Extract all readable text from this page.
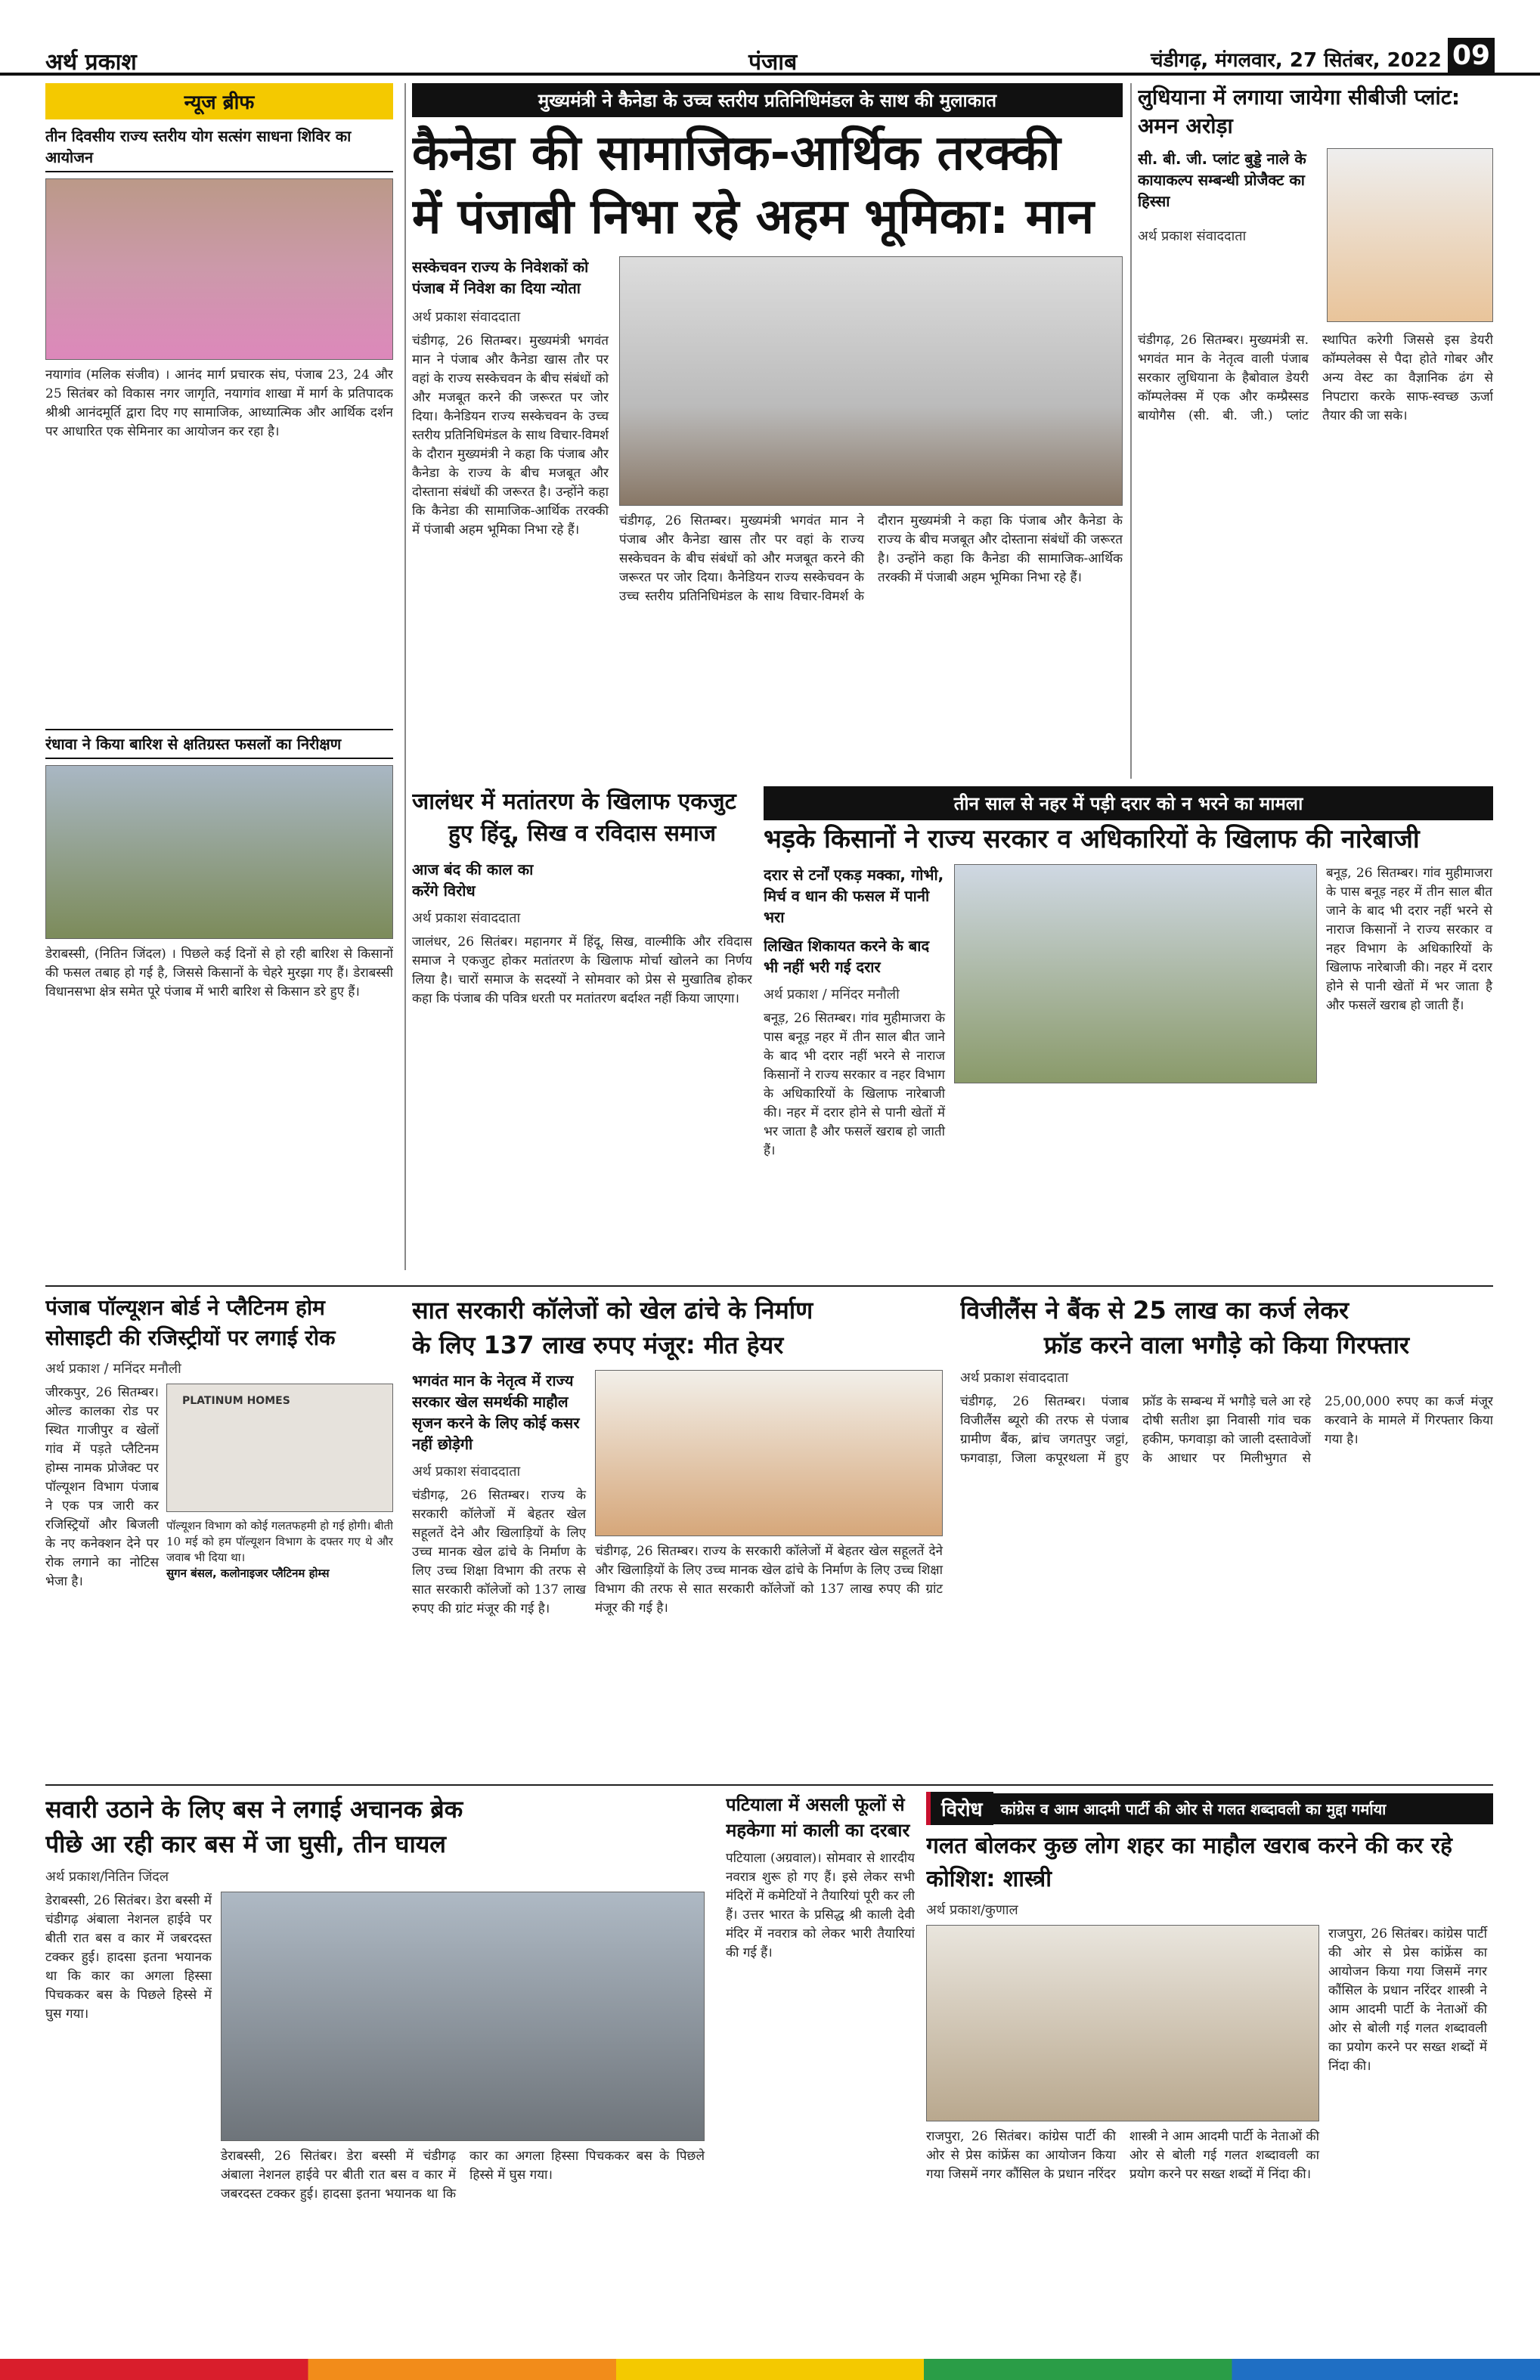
अर्थ प्रकाश	पंजाब	चंडीगढ़, मंगलवार, 27 सितंबर, 2022 09
न्यूज ब्रीफ
तीन दिवसीय राज्य स्तरीय योग सत्संग साधना शिविर का आयोजन
नयागांव (मलिक संजीव) । आनंद मार्ग प्रचारक संघ, पंजाब 23, 24 और 25 सितंबर को विकास नगर जागृति, नयागांव शाखा में मार्ग के प्रतिपादक श्रीश्री आनंदमूर्ति द्वारा दिए गए सामाजिक, आध्यात्मिक और आर्थिक दर्शन पर आधारित एक सेमिनार का आयोजन कर रहा है।
रंधावा ने किया बारिश से क्षतिग्रस्त फसलों का निरीक्षण
डेराबस्सी, (नितिन जिंदल) । पिछले कई दिनों से हो रही बारिश से किसानों की फसल तबाह हो गई है, जिससे किसानों के चेहरे मुरझा गए हैं। डेराबस्सी विधानसभा क्षेत्र समेत पूरे पंजाब में भारी बारिश से किसान डरे हुए हैं।
मुख्यमंत्री ने कैनेडा के उच्च स्तरीय प्रतिनिधिमंडल के साथ की मुलाकात
कैनेडा की सामाजिक-आर्थिक तरक्की
में पंजाबी निभा रहे अहम भूमिका: मान
सस्केचवन राज्य के निवेशकों को पंजाब में निवेश का दिया न्योता
अर्थ प्रकाश संवाददाता
चंडीगढ़, 26 सितम्बर। मुख्यमंत्री भगवंत मान ने पंजाब और कैनेडा खास तौर पर वहां के राज्य सस्केचवन के बीच संबंधों को और मजबूत करने की जरूरत पर जोर दिया। कैनेडियन राज्य सस्केचवन के उच्च स्तरीय प्रतिनिधिमंडल के साथ विचार-विमर्श के दौरान मुख्यमंत्री ने कहा कि पंजाब और कैनेडा के राज्य के बीच मजबूत और दोस्ताना संबंधों की जरूरत है। उन्होंने कहा कि कैनेडा की सामाजिक-आर्थिक तरक्की में पंजाबी अहम भूमिका निभा रहे हैं।
चंडीगढ़, 26 सितम्बर। मुख्यमंत्री भगवंत मान ने पंजाब और कैनेडा खास तौर पर वहां के राज्य सस्केचवन के बीच संबंधों को और मजबूत करने की जरूरत पर जोर दिया। कैनेडियन राज्य सस्केचवन के उच्च स्तरीय प्रतिनिधिमंडल के साथ विचार-विमर्श के दौरान मुख्यमंत्री ने कहा कि पंजाब और कैनेडा के राज्य के बीच मजबूत और दोस्ताना संबंधों की जरूरत है। उन्होंने कहा कि कैनेडा की सामाजिक-आर्थिक तरक्की में पंजाबी अहम भूमिका निभा रहे हैं।
लुधियाना में लगाया जायेगा सीबीजी प्लांट: अमन अरोड़ा
सी. बी. जी. प्लांट बुड्डे नाले के कायाकल्प सम्बन्धी प्रोजैक्ट का हिस्सा
अर्थ प्रकाश संवाददाता
चंडीगढ़, 26 सितम्बर। मुख्यमंत्री स. भगवंत मान के नेतृत्व वाली पंजाब सरकार लुधियाना के हैबोवाल डेयरी कॉम्पलेक्स में एक और कम्प्रैस्सड बायोगैस (सी. बी. जी.) प्लांट स्थापित करेगी जिससे इस डेयरी कॉम्पलेक्स से पैदा होते गोबर और अन्य वेस्ट का वैज्ञानिक ढंग से निपटारा करके साफ-स्वच्छ ऊर्जा तैयार की जा सके।
जालंधर में मतांतरण के खिलाफ एकजुट
हुए हिंदू, सिख व रविदास समाज
आज बंद की काल का करेंगे विरोध
अर्थ प्रकाश संवाददाता
जालंधर, 26 सितंबर। महानगर में हिंदू, सिख, वाल्मीकि और रविदास समाज ने एकजुट होकर मतांतरण के खिलाफ मोर्चा खोलने का निर्णय लिया है। चारों समाज के सदस्यों ने सोमवार को प्रेस से मुखातिब होकर कहा कि पंजाब की पवित्र धरती पर मतांतरण बर्दाश्त नहीं किया जाएगा।
तीन साल से नहर में पड़ी दरार को न भरने का मामला
भड़के किसानों ने राज्य सरकार व अधिकारियों के खिलाफ की नारेबाजी
दरार से टर्नों एकड़ मक्का, गोभी, मिर्च व धान की फसल में पानी भरा
लिखित शिकायत करने के बाद भी नहीं भरी गई दरार
अर्थ प्रकाश / मनिंदर मनौली
बनूड़, 26 सितम्बर। गांव मुहीमाजरा के पास बनूड़ नहर में तीन साल बीत जाने के बाद भी दरार नहीं भरने से नाराज किसानों ने राज्य सरकार व नहर विभाग के अधिकारियों के खिलाफ नारेबाजी की। नहर में दरार होने से पानी खेतों में भर जाता है और फसलें खराब हो जाती हैं।
बनूड़, 26 सितम्बर। गांव मुहीमाजरा के पास बनूड़ नहर में तीन साल बीत जाने के बाद भी दरार नहीं भरने से नाराज किसानों ने राज्य सरकार व नहर विभाग के अधिकारियों के खिलाफ नारेबाजी की। नहर में दरार होने से पानी खेतों में भर जाता है और फसलें खराब हो जाती हैं।
पंजाब पॉल्यूशन बोर्ड ने प्लैटिनम होम
सोसाइटी की रजिस्ट्रीयों पर लगाई रोक
अर्थ प्रकाश / मनिंदर मनौली
जीरकपुर, 26 सितम्बर। ओल्ड कालका रोड पर स्थित गाजीपुर व खेलों गांव में पड़ते प्लैटिनम होम्स नामक प्रोजेक्ट पर पॉल्यूशन विभाग पंजाब ने एक पत्र जारी कर रजिस्ट्रियों और बिजली के नए कनेक्शन देने पर रोक लगाने का नोटिस भेजा है।
PLATINUM HOMES
पॉल्यूशन विभाग को कोई गलतफहमी हो गई होगी। बीती 10 मई को हम पॉल्यूशन विभाग के दफ्तर गए थे और जवाब भी दिया था।
सुगन बंसल, कलोनाइजर प्लैटिनम होम्स
सात सरकारी कॉलेजों को खेल ढांचे के निर्माण
के लिए 137 लाख रुपए मंजूर: मीत हेयर
भगवंत मान के नेतृत्व में राज्य सरकार खेल समर्थकी माहौल सृजन करने के लिए कोई कसर नहीं छोड़ेगी
अर्थ प्रकाश संवाददाता
चंडीगढ़, 26 सितम्बर। राज्य के सरकारी कॉलेजों में बेहतर खेल सहूलतें देने और खिलाड़ियों के लिए उच्च मानक खेल ढांचे के निर्माण के लिए उच्च शिक्षा विभाग की तरफ से सात सरकारी कॉलेजों को 137 लाख रुपए की ग्रांट मंजूर की गई है।
चंडीगढ़, 26 सितम्बर। राज्य के सरकारी कॉलेजों में बेहतर खेल सहूलतें देने और खिलाड़ियों के लिए उच्च मानक खेल ढांचे के निर्माण के लिए उच्च शिक्षा विभाग की तरफ से सात सरकारी कॉलेजों को 137 लाख रुपए की ग्रांट मंजूर की गई है।
विजीलैंस ने बैंक से 25 लाख का कर्ज लेकर
फ्रॉड करने वाला भगौड़े को किया गिरफ्तार
अर्थ प्रकाश संवाददाता
चंडीगढ़, 26 सितम्बर। पंजाब विजीलैंस ब्यूरो की तरफ से पंजाब ग्रामीण बैंक, ब्रांच जगतपुर जट्टां, फगवाड़ा, जिला कपूरथला में हुए फ्रॉड के सम्बन्ध में भगौड़े चले आ रहे दोषी सतीश झा निवासी गांव चक हकीम, फगवाड़ा को जाली दस्तावेजों के आधार पर मिलीभुगत से 25,00,000 रुपए का कर्ज मंजूर करवाने के मामले में गिरफ्तार किया गया है।
सवारी उठाने के लिए बस ने लगाई अचानक ब्रेक
पीछे आ रही कार बस में जा घुसी, तीन घायल
अर्थ प्रकाश/नितिन जिंदल
डेराबस्सी, 26 सितंबर। डेरा बस्सी में चंडीगढ़ अंबाला नेशनल हाईवे पर बीती रात बस व कार में जबरदस्त टक्कर हुई। हादसा इतना भयानक था कि कार का अगला हिस्सा पिचककर बस के पिछले हिस्से में घुस गया।
डेराबस्सी, 26 सितंबर। डेरा बस्सी में चंडीगढ़ अंबाला नेशनल हाईवे पर बीती रात बस व कार में जबरदस्त टक्कर हुई। हादसा इतना भयानक था कि कार का अगला हिस्सा पिचककर बस के पिछले हिस्से में घुस गया।
पटियाला में असली फूलों से महकेगा मां काली का दरबार
पटियाला (अग्रवाल)। सोमवार से शारदीय नवरात्र शुरू हो गए हैं। इसे लेकर सभी मंदिरों में कमेटियों ने तैयारियां पूरी कर ली हैं। उत्तर भारत के प्रसिद्ध श्री काली देवी मंदिर में नवरात्र को लेकर भारी तैयारियां की गई हैं।
विरोध	कांग्रेस व आम आदमी पार्टी की ओर से गलत शब्दावली का मुद्दा गर्माया
गलत बोलकर कुछ लोग शहर का माहौल खराब करने की कर रहे कोशिश: शास्त्री
अर्थ प्रकाश/कुणाल
राजपुरा, 26 सितंबर। कांग्रेस पार्टी की ओर से प्रेस कांफ्रेंस का आयोजन किया गया जिसमें नगर कौंसिल के प्रधान नरिंदर शास्त्री ने आम आदमी पार्टी के नेताओं की ओर से बोली गई गलत शब्दावली का प्रयोग करने पर सख्त शब्दों में निंदा की।
राजपुरा, 26 सितंबर। कांग्रेस पार्टी की ओर से प्रेस कांफ्रेंस का आयोजन किया गया जिसमें नगर कौंसिल के प्रधान नरिंदर शास्त्री ने आम आदमी पार्टी के नेताओं की ओर से बोली गई गलत शब्दावली का प्रयोग करने पर सख्त शब्दों में निंदा की।
